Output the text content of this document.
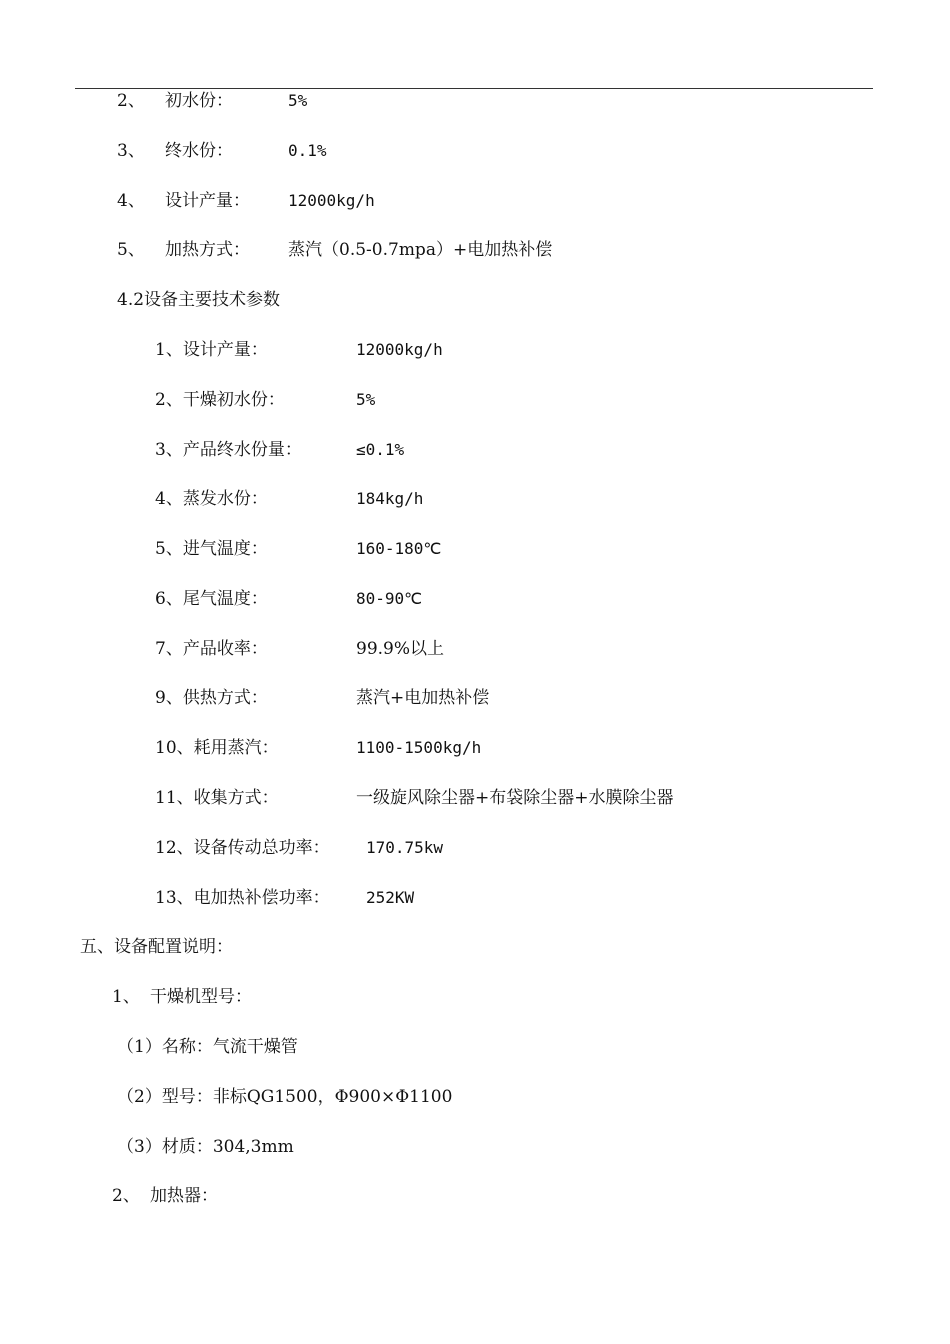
2、 初水份：	5%
3、 终水份：	0.1%
4、 设计产量： 12000kg/h
5、 加热方式： 蒸汽（0.5-0.7mpa）+电加热补偿
4.2设备主要技术参数
1、设计产量：	12000kg/h
2、干燥初水份：	5%
3、产品终水份量：	≤0.1%
4、蒸发水份：	184kg/h
5、进气温度：	160-180℃
6、尾气温度：	80-90℃
7、产品收率：	99.9%以上
9、供热方式：	蒸汽+电加热补偿
10、耗用蒸汽：	1100-1500kg/h
11、收集方式：	一级旋风除尘器+布袋除尘器+水膜除尘器
12、设备传动总功率： 170.75kw
13、电加热补偿功率： 252KW
五、设备配置说明：
1、 干燥机型号：
（1）名称：气流干燥管
（2）型号：非标QG1500，Φ900×Φ1100
（3）材质：304,3mm
2、 加热器：
